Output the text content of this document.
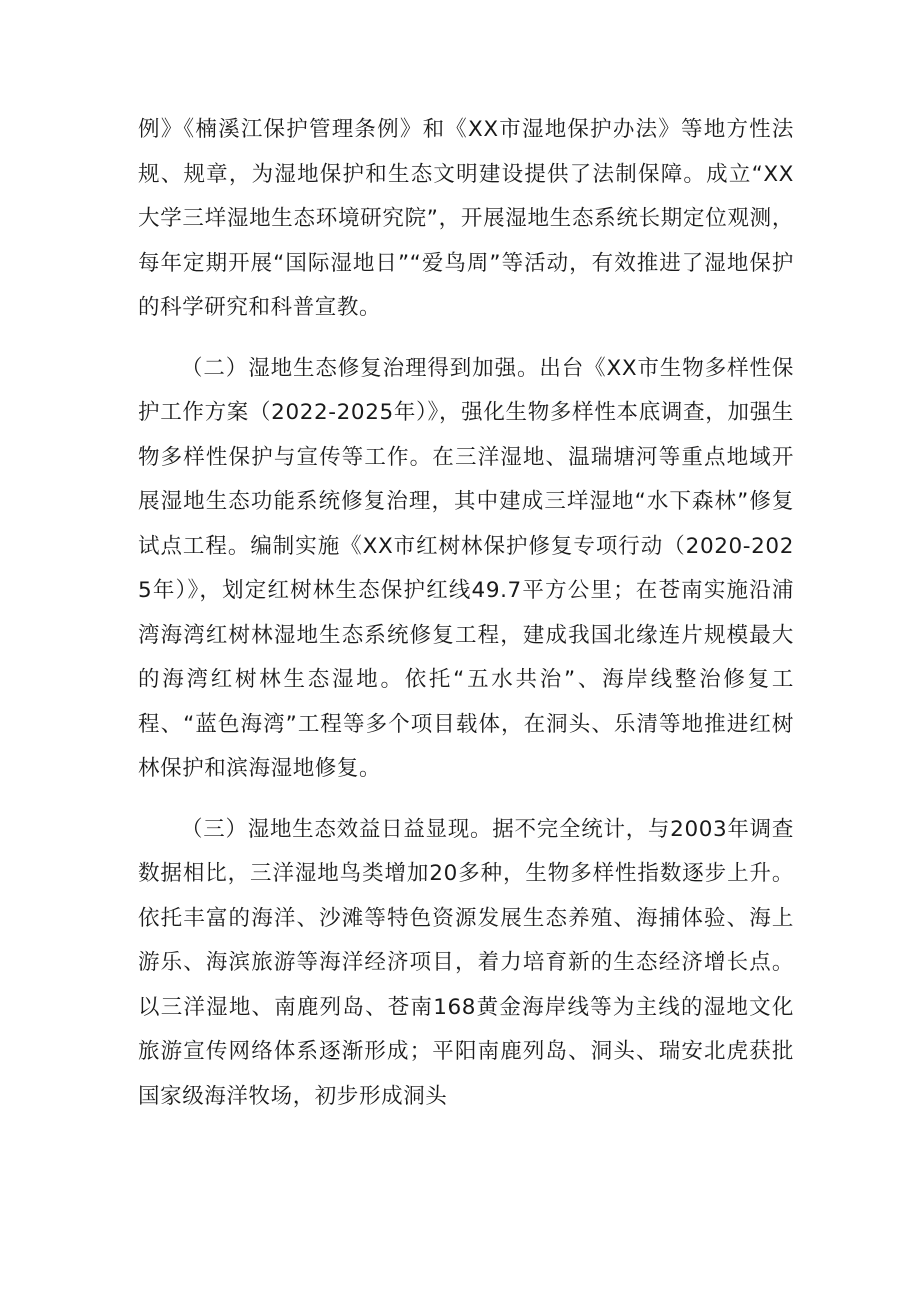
例》《楠溪江保护管理条例》和《XX市湿地保护办法》等地方性法规、规章，为湿地保护和生态文明建设提供了法制保障。成立“XX大学三垟湿地生态环境研究院”，开展湿地生态系统长期定位观测，每年定期开展“国际湿地日”“爱鸟周”等活动，有效推进了湿地保护的科学研究和科普宣教。

（二）湿地生态修复治理得到加强。出台《XX市生物多样性保护工作方案（2022-2025年）》，强化生物多样性本底调查，加强生物多样性保护与宣传等工作。在三洋湿地、温瑞塘河等重点地域开展湿地生态功能系统修复治理，其中建成三垟湿地“水下森林”修复试点工程。编制实施《XX市红树林保护修复专项行动（2020-2025年）》，划定红树林生态保护红线49.7平方公里；在苍南实施沿浦湾海湾红树林湿地生态系统修复工程，建成我国北缘连片规模最大的海湾红树林生态湿地。依托“五水共治”、海岸线整治修复工程、“蓝色海湾”工程等多个项目载体，在洞头、乐清等地推进红树林保护和滨海湿地修复。

（三）湿地生态效益日益显现。据不完全统计，与2003年调查数据相比，三洋湿地鸟类增加20多种，生物多样性指数逐步上升。依托丰富的海洋、沙滩等特色资源发展生态养殖、海捕体验、海上游乐、海滨旅游等海洋经济项目，着力培育新的生态经济增长点。以三洋湿地、南鹿列岛、苍南168黄金海岸线等为主线的湿地文化旅游宣传网络体系逐渐形成；平阳南鹿列岛、洞头、瑞安北虎获批国家级海洋牧场，初步形成洞头
